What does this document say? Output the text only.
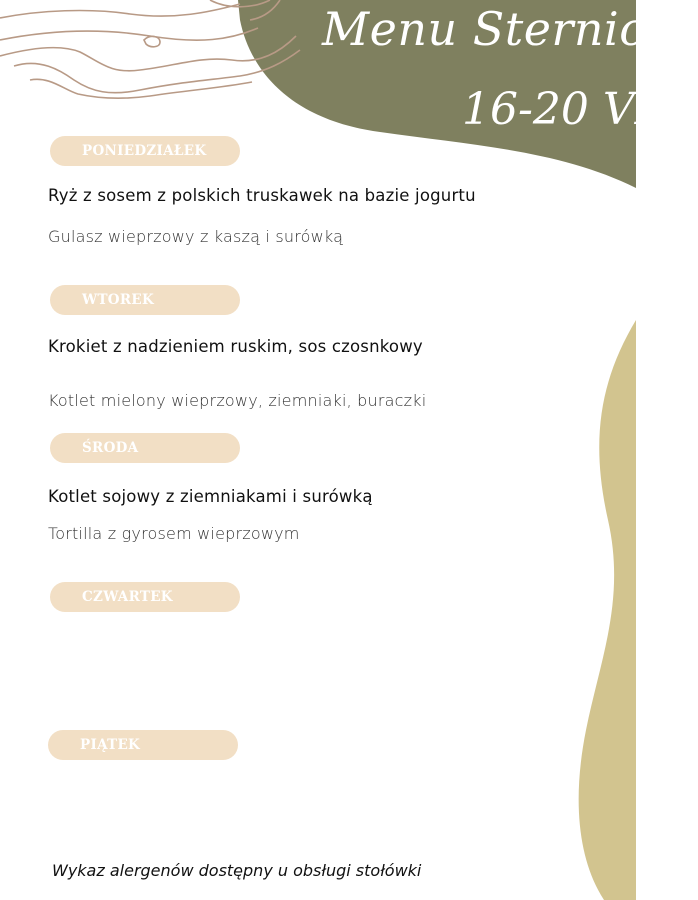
Menu Sternicza
16-20 VI
PONIEDZIAŁEK
Ryż z sosem z polskich truskawek na bazie jogurtu
Gulasz wieprzowy z kaszą i surówką
WTOREK
Krokiet z nadzieniem ruskim, sos czosnkowy
Kotlet mielony wieprzowy, ziemniaki, buraczki
ŚRODA
Kotlet sojowy z ziemniakami i surówką
Tortilla z gyrosem wieprzowym
CZWARTEK
PIĄTEK
Wykaz alergenów dostępny u obsługi stołówki
